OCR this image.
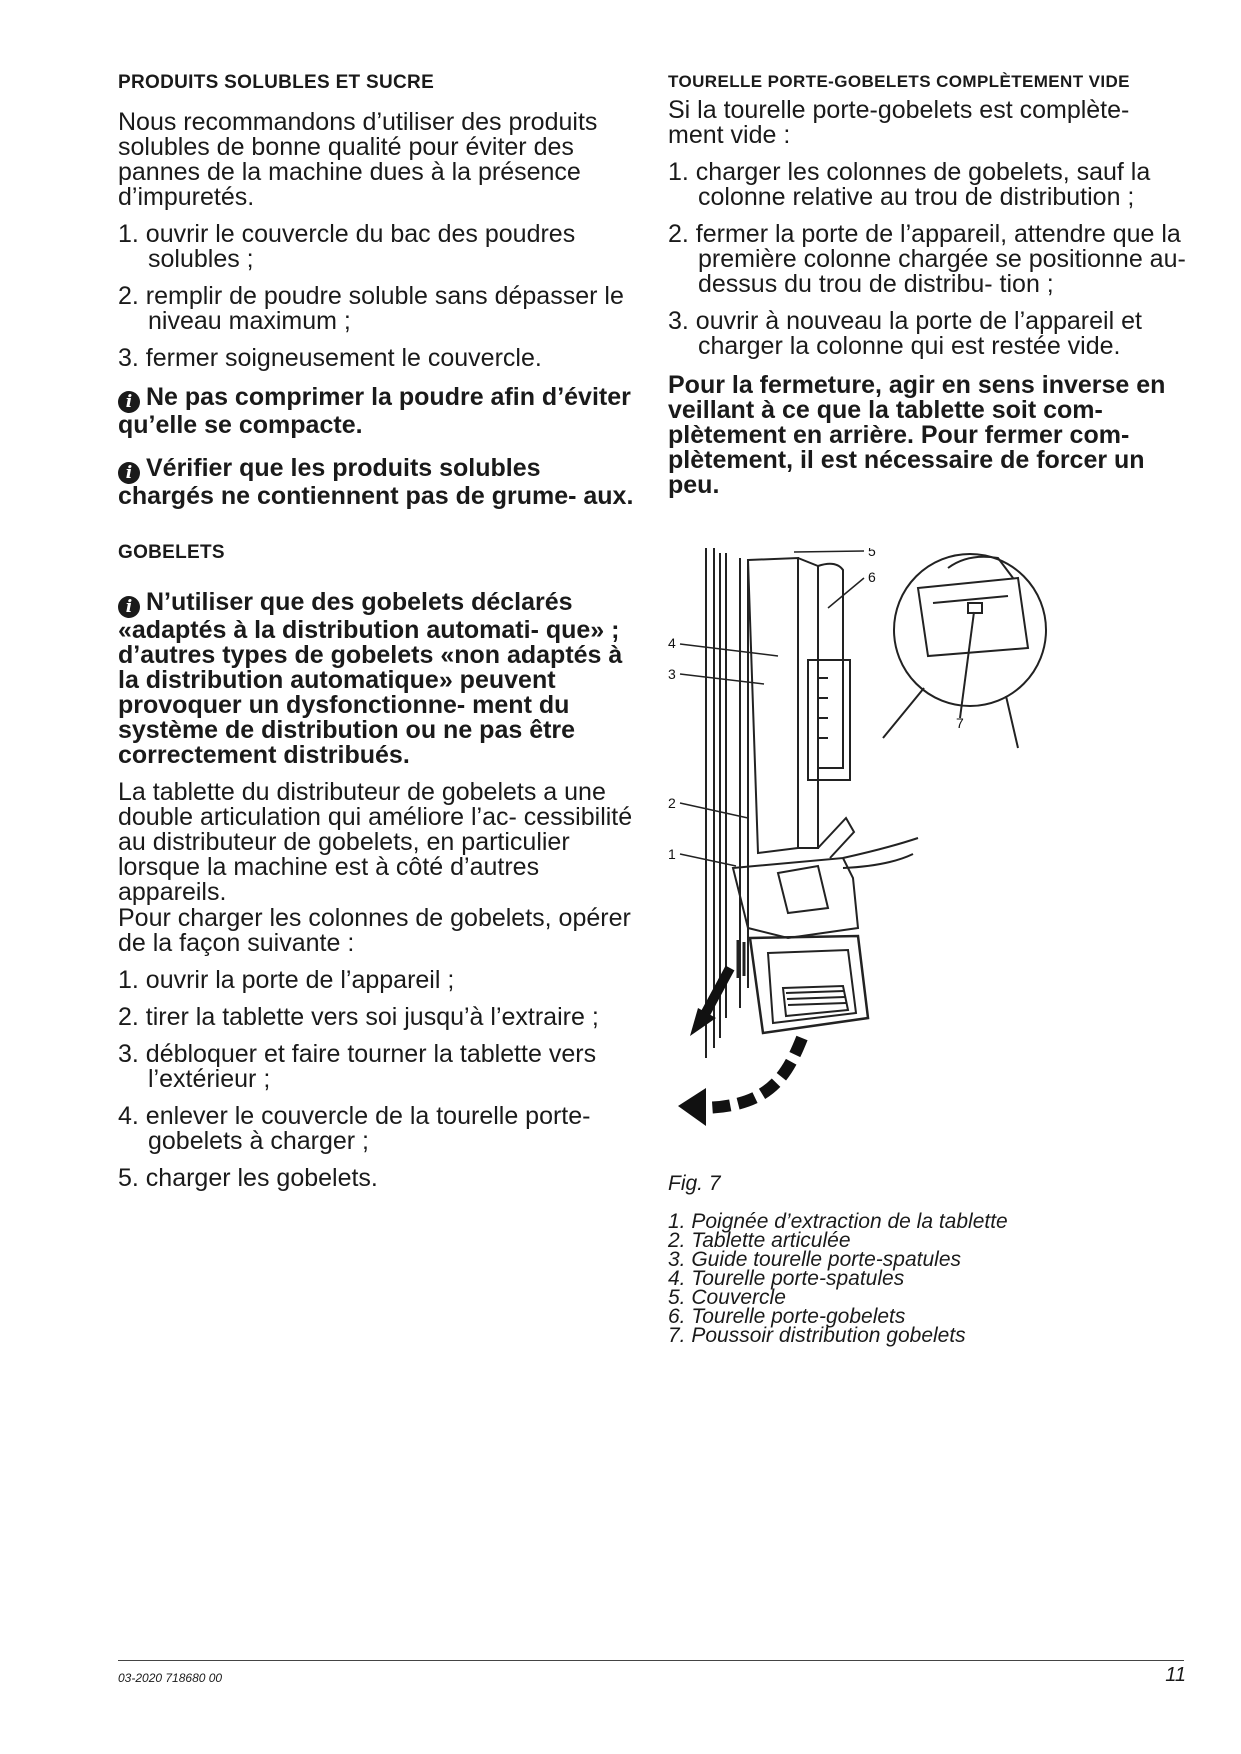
PRODUITS SOLUBLES ET SUCRE

Nous recommandons d’utiliser des produits solubles de bonne qualité pour éviter des pannes de la machine dues à la présence d’impuretés.

1. ouvrir le couvercle du bac des poudres solubles ;
2. remplir de poudre soluble sans dépasser le niveau maximum ;
3. fermer soigneusement le couvercle.

i Ne pas comprimer la poudre afin d’éviter qu’elle se compacte.

i Vérifier que les produits solubles chargés ne contiennent pas de grume- aux.

GOBELETS

i N’utiliser que des gobelets déclarés «adaptés à la distribution automati- que» ; d’autres types de gobelets «non adaptés à la distribution automatique» peuvent provoquer un dysfonctionne- ment du système de distribution ou ne pas être correctement distribués.

La tablette du distributeur de gobelets a une double articulation qui améliore l’ac- cessibilité au distributeur de gobelets, en particulier lorsque la machine est à côté d’autres appareils.

Pour charger les colonnes de gobelets, opérer de la façon suivante :

1. ouvrir la porte de l’appareil ;
2. tirer la tablette vers soi jusqu’à l’extraire ;
3. débloquer et faire tourner la tablette vers l’extérieur ;
4. enlever le couvercle de la tourelle porte- gobelets à charger ;
5. charger les gobelets.
TOURELLE PORTE-GOBELETS COMPLÈTEMENT VIDE

Si la tourelle porte-gobelets est complète- ment vide :

1. charger les colonnes de gobelets, sauf la colonne relative au trou de distribution ;
2. fermer la porte de l’appareil, attendre que la première colonne chargée se positionne au-dessus du trou de distribu- tion ;
3. ouvrir à nouveau la porte de l’appareil et charger la colonne qui est restée vide.

Pour la fermeture, agir en sens inverse en veillant à ce que la tablette soit com- plètement en arrière. Pour fermer com- plètement, il est nécessaire de forcer un peu.

5
6
4
3
2
1
7
Fig. 7
1. Poignée d’extraction de la tablette
2. Tablette articulée
3. Guide tourelle porte-spatules
4. Tourelle porte-spatules
5. Couvercle
6. Tourelle porte-gobelets
7. Poussoir distribution gobelets
03-2020 718680 00	11
